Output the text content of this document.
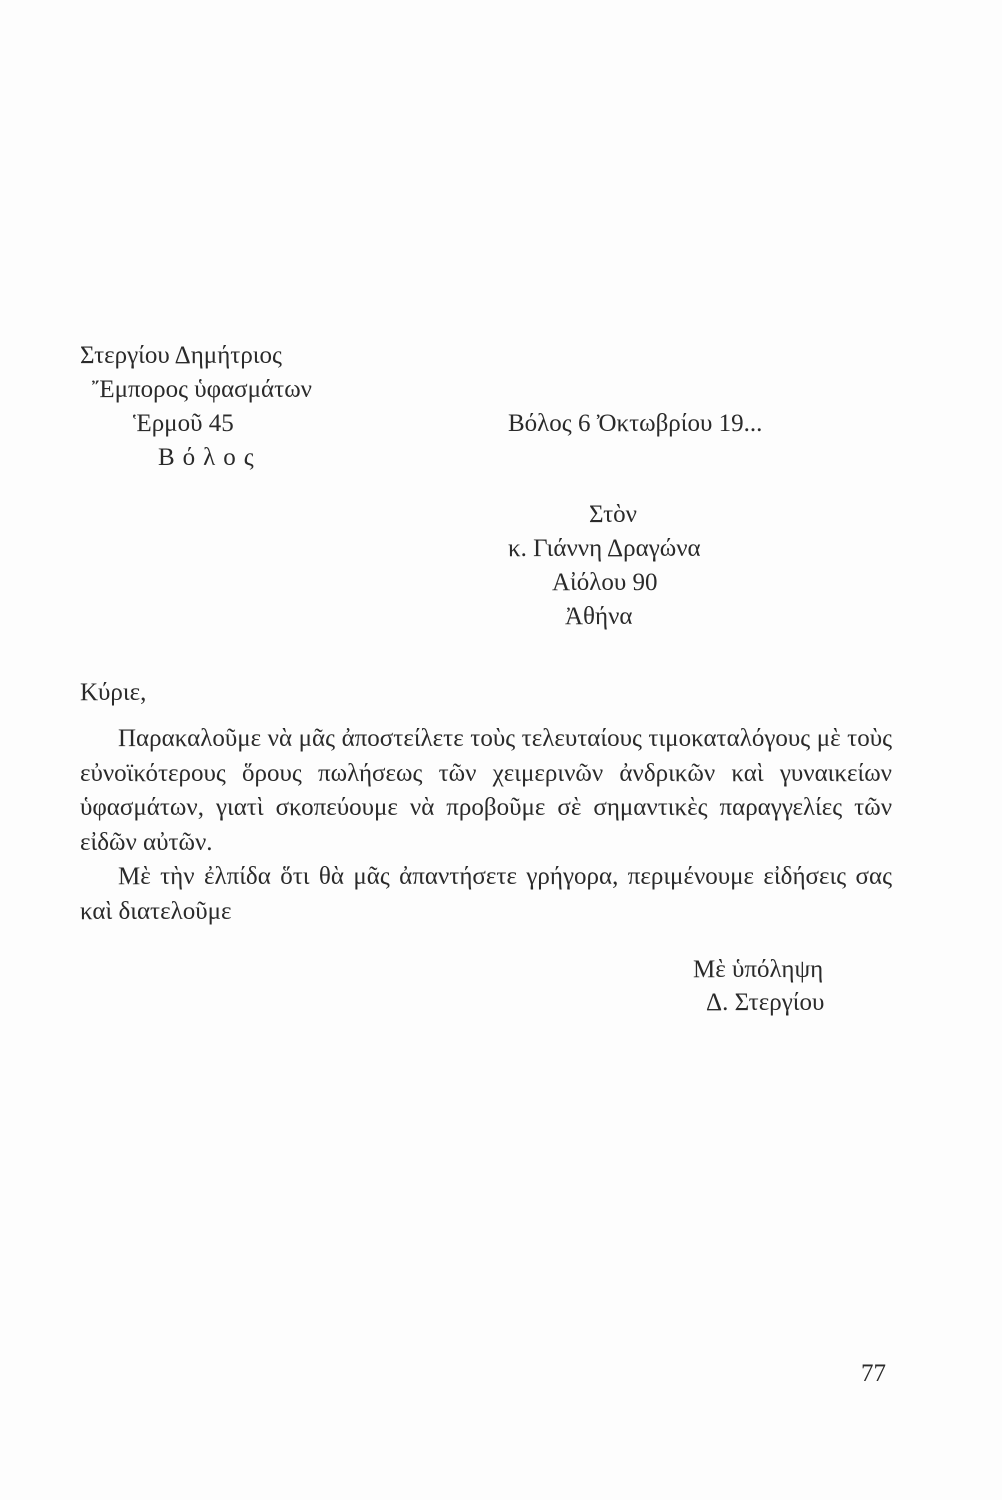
Στεργίου Δημήτριος
Ἔμπορος ὑφασμάτων
Ἑρμοῦ 45
Βόλος
Βόλος 6 Ὀκτωβρίου 19...
Στὸν
κ. Γιάννη Δραγώνα
Αἰόλου 90
Ἀθήνα
Κύριε,

Παρακαλοῦμε νὰ μᾶς ἀποστείλετε τοὺς τελευταίους τιμοκαταλόγους μὲ τοὺς εὐνοϊκότερους ὅρους πωλήσεως τῶν χειμερινῶν ἀνδρικῶν καὶ γυναικείων ὑφασμάτων, γιατὶ σκοπεύουμε νὰ προβοῦμε σὲ σημαντικὲς παραγγελίες τῶν εἰδῶν αὐτῶν.

Μὲ τὴν ἐλπίδα ὅτι θὰ μᾶς ἀπαντήσετε γρήγορα, περιμένουμε εἰδήσεις σας καὶ διατελοῦμε

Μὲ ὑπόληψη
Δ. Στεργίου
77
